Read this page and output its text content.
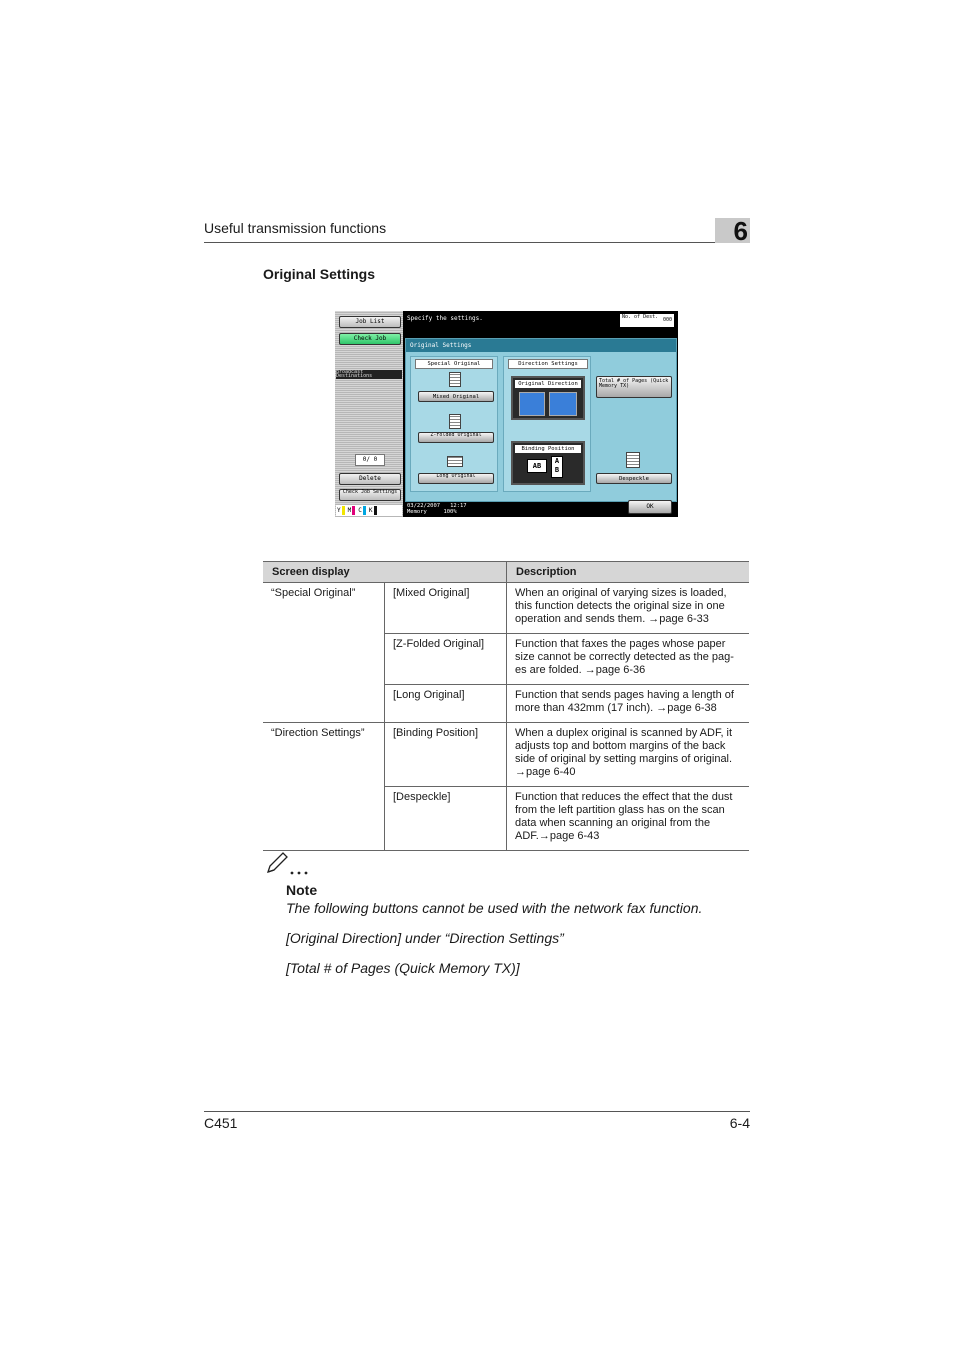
Useful transmission functions	6
Original Settings
Job List
Check Job
Broadcast Destinations
0/ 0
Delete
Check Job Settings
Y M C K
Specify the settings.	No. of Dest. 000
Original Settings
Special Original
Mixed Original
Z-Folded Original
Long Original
Direction Settings
Original Direction
Binding Position
AB
A B
Total # of Pages (Quick Memory TX)
Despeckle
03/22/2007 12:17
Memory	100%
OK
Screen display		Description
“Special Original”	[Mixed Original]	When an original of varying sizes is loaded, this function detects the original size in one operation and sends them. →page 6-33
	[Z-Folded Original]	Function that faxes the pages whose paper size cannot be correctly detected as the pag-es are folded. →page 6-36
	[Long Original]	Function that sends pages having a length of more than 432mm (17 inch). →page 6-38
“Direction Settings”	[Binding Position]	When a duplex original is scanned by ADF, it adjusts top and bottom margins of the back side of original by setting margins of original. →page 6-40
	[Despeckle]	Function that reduces the effect that the dust from the left partition glass has on the scan data when scanning an original from the ADF.→page 6-43
Note
The following buttons cannot be used with the network fax function.
[Original Direction] under “Direction Settings”
[Total # of Pages (Quick Memory TX)]
C451	6-4
